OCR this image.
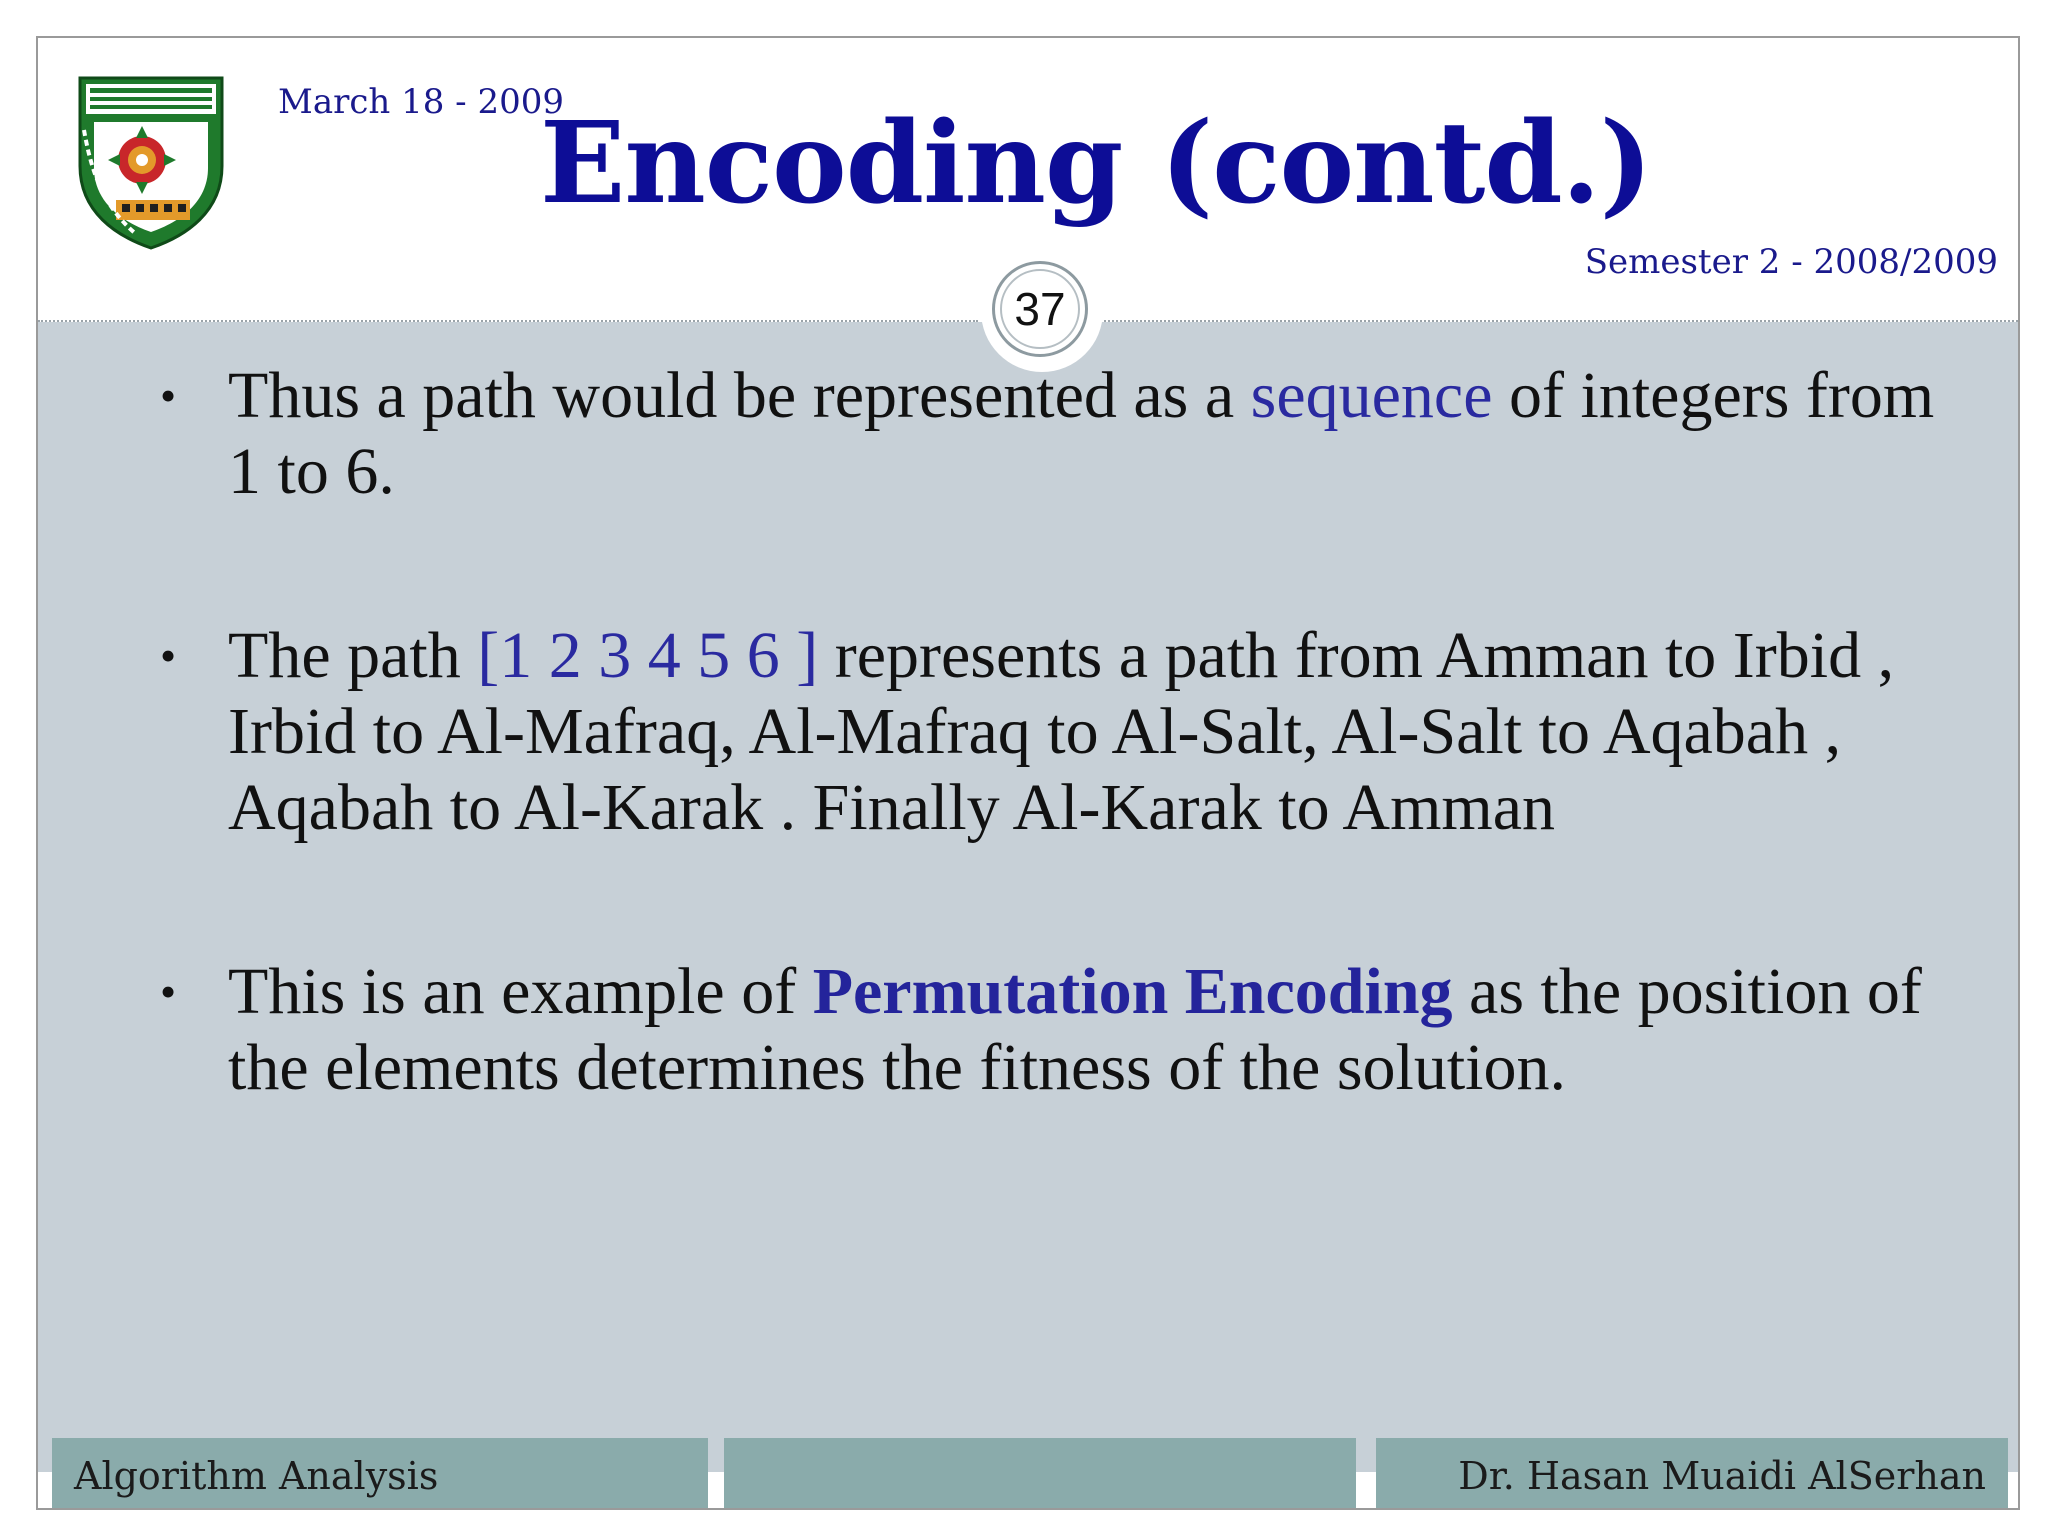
March 18 - 2009
Encoding (contd.)
Semester 2 - 2008/2009
37
• Thus a path would be represented as a sequence of integers from 1 to 6.
• The path [1 2 3 4 5 6 ] represents a path from Amman to Irbid , Irbid to Al-Mafraq, Al-Mafraq to Al-Salt, Al-Salt to Aqabah , Aqabah to Al-Karak . Finally Al-Karak to Amman
• This is an example of Permutation Encoding as the position of the elements determines the fitness of the solution.
Algorithm Analysis	Dr. Hasan Muaidi AlSerhan
